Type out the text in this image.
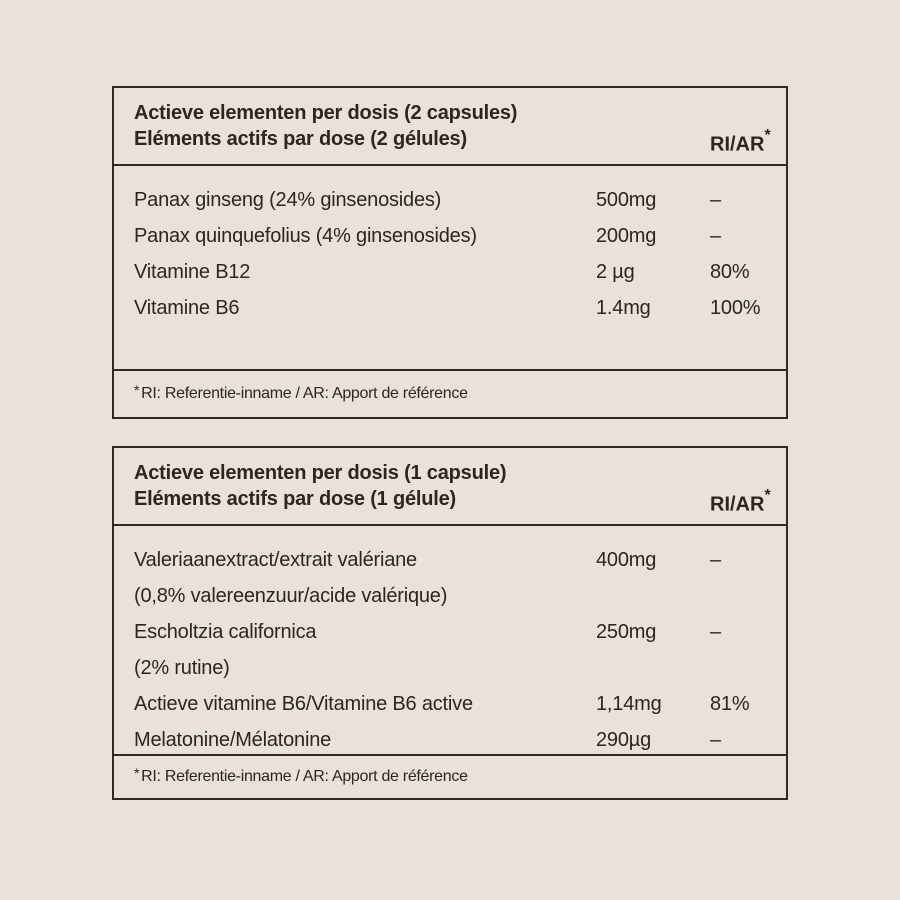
Actieve elementen per dosis (2 capsules)
Eléments actifs par dose (2 gélules)	RI/AR*
Panax ginseng (24% ginsenosides)	500mg	–
Panax quinquefolius (4% ginsenosides)	200mg	–
Vitamine B12	2 µg	80%
Vitamine B6	1.4mg	100%
* RI: Referentie-inname / AR: Apport de référence
Actieve elementen per dosis (1 capsule)
Eléments actifs par dose (1 gélule)	RI/AR*
Valeriaanextract/extrait valériane	400mg	–
(0,8% valereenzuur/acide valérique)
Escholtzia californica	250mg	–
(2% rutine)
Actieve vitamine B6/Vitamine B6 active	1,14mg 81%
Melatonine/Mélatonine	290µg	–
* RI: Referentie-inname / AR: Apport de référence
